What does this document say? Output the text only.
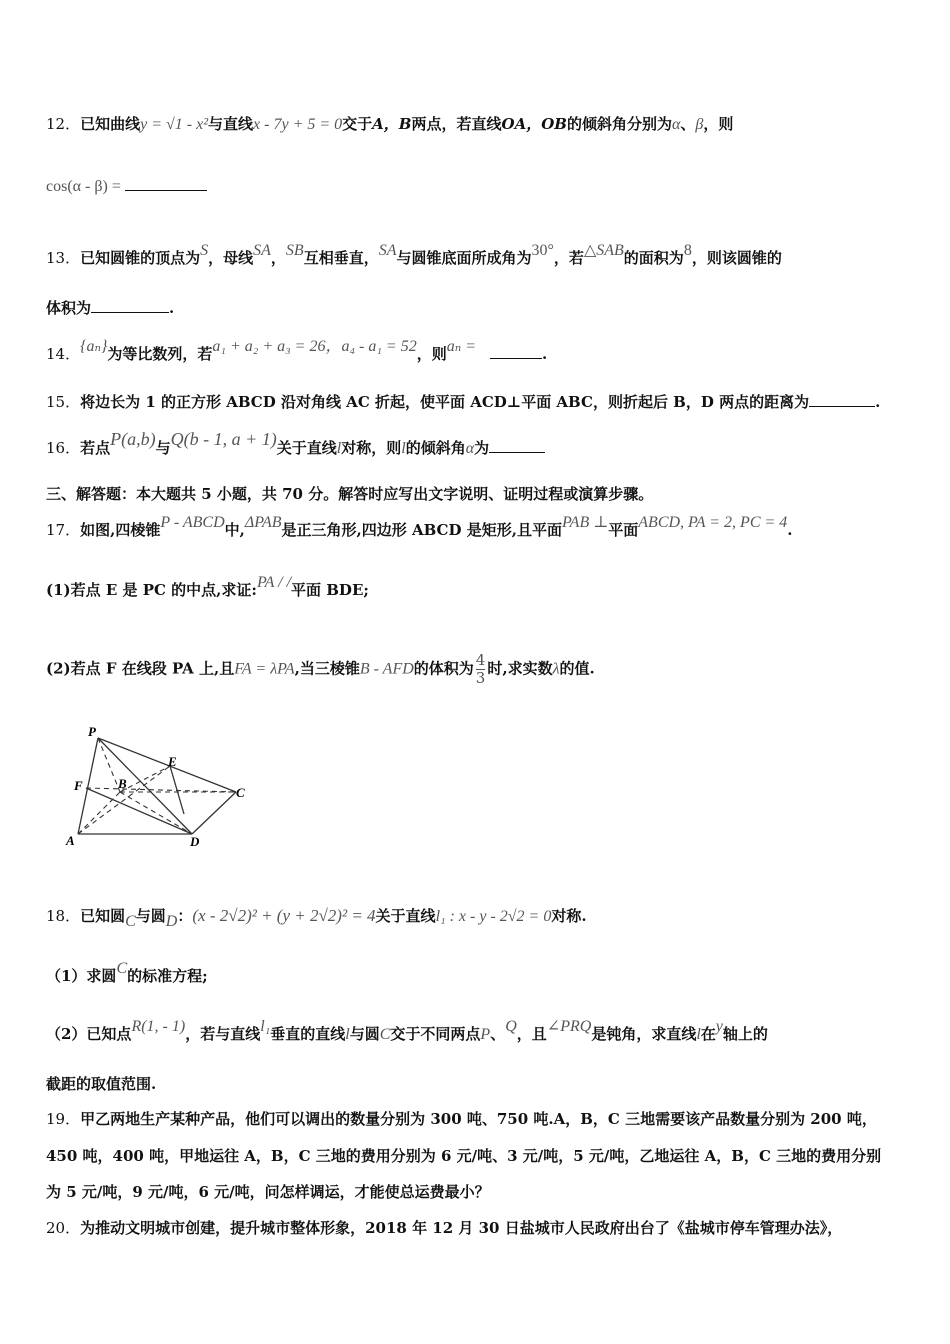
12．已知曲线y = √1 - x²与直线x - 7y + 5 = 0交于A，B两点，若直线OA，OB的倾斜角分别为α、β，则
cos(α - β) =
13．已知圆锥的顶点为S，母线SA，SB互相垂直，SA与圆锥底面所成角为30°，若△SAB的面积为8，则该圆锥的
体积为	.
14．{aₙ}为等比数列，若a₁ + a₂ + a₃ = 26，a₄ - a₁ = 52，则aₙ =	.
15．将边长为 1 的正方形 ABCD 沿对角线 AC 折起，使平面 ACD⊥平面 ABC，则折起后 B，D 两点的距离为	.
16．若点P(a,b)与Q(b - 1, a + 1)关于直线l对称，则l的倾斜角α为
三、解答题：本大题共 5 小题，共 70 分。解答时应写出文字说明、证明过程或演算步骤。
17．如图,四棱锥P - ABCD中,ΔPAB是正三角形,四边形 ABCD 是矩形,且平面PAB ⊥平面ABCD, PA = 2, PC = 4.
(1)若点 E 是 PC 的中点,求证:PA / /平面 BDE;
(2)若点 F 在线段 PA 上,且FA = λPA,当三棱锥B - AFD的体积为 $\frac{4}{3}$ 时,求实数λ的值.
P
E
F	B
C
A	D
18．已知圆C与圆D：(x - 2√2)² + (y + 2√2)² = 4关于直线l₁ : x - y - 2√2 = 0对称.
（1）求圆C的标准方程;
（2）已知点R(1, - 1)，若与直线l₁垂直的直线l与圆C交于不同两点P、Q，且∠PRQ是钝角，求直线l在y轴上的
截距的取值范围.
19．甲乙两地生产某种产品，他们可以调出的数量分别为 300 吨、750 吨.A，B，C 三地需要该产品数量分别为 200 吨，
450 吨，400 吨，甲地运往 A，B，C 三地的费用分别为 6 元/吨、3 元/吨，5 元/吨，乙地运往 A，B，C 三地的费用分别
为 5 元/吨，9 元/吨，6 元/吨，问怎样调运，才能使总运费最小？
20．为推动文明城市创建，提升城市整体形象，2018 年 12 月 30 日盐城市人民政府出台了《盐城市停车管理办法》，
